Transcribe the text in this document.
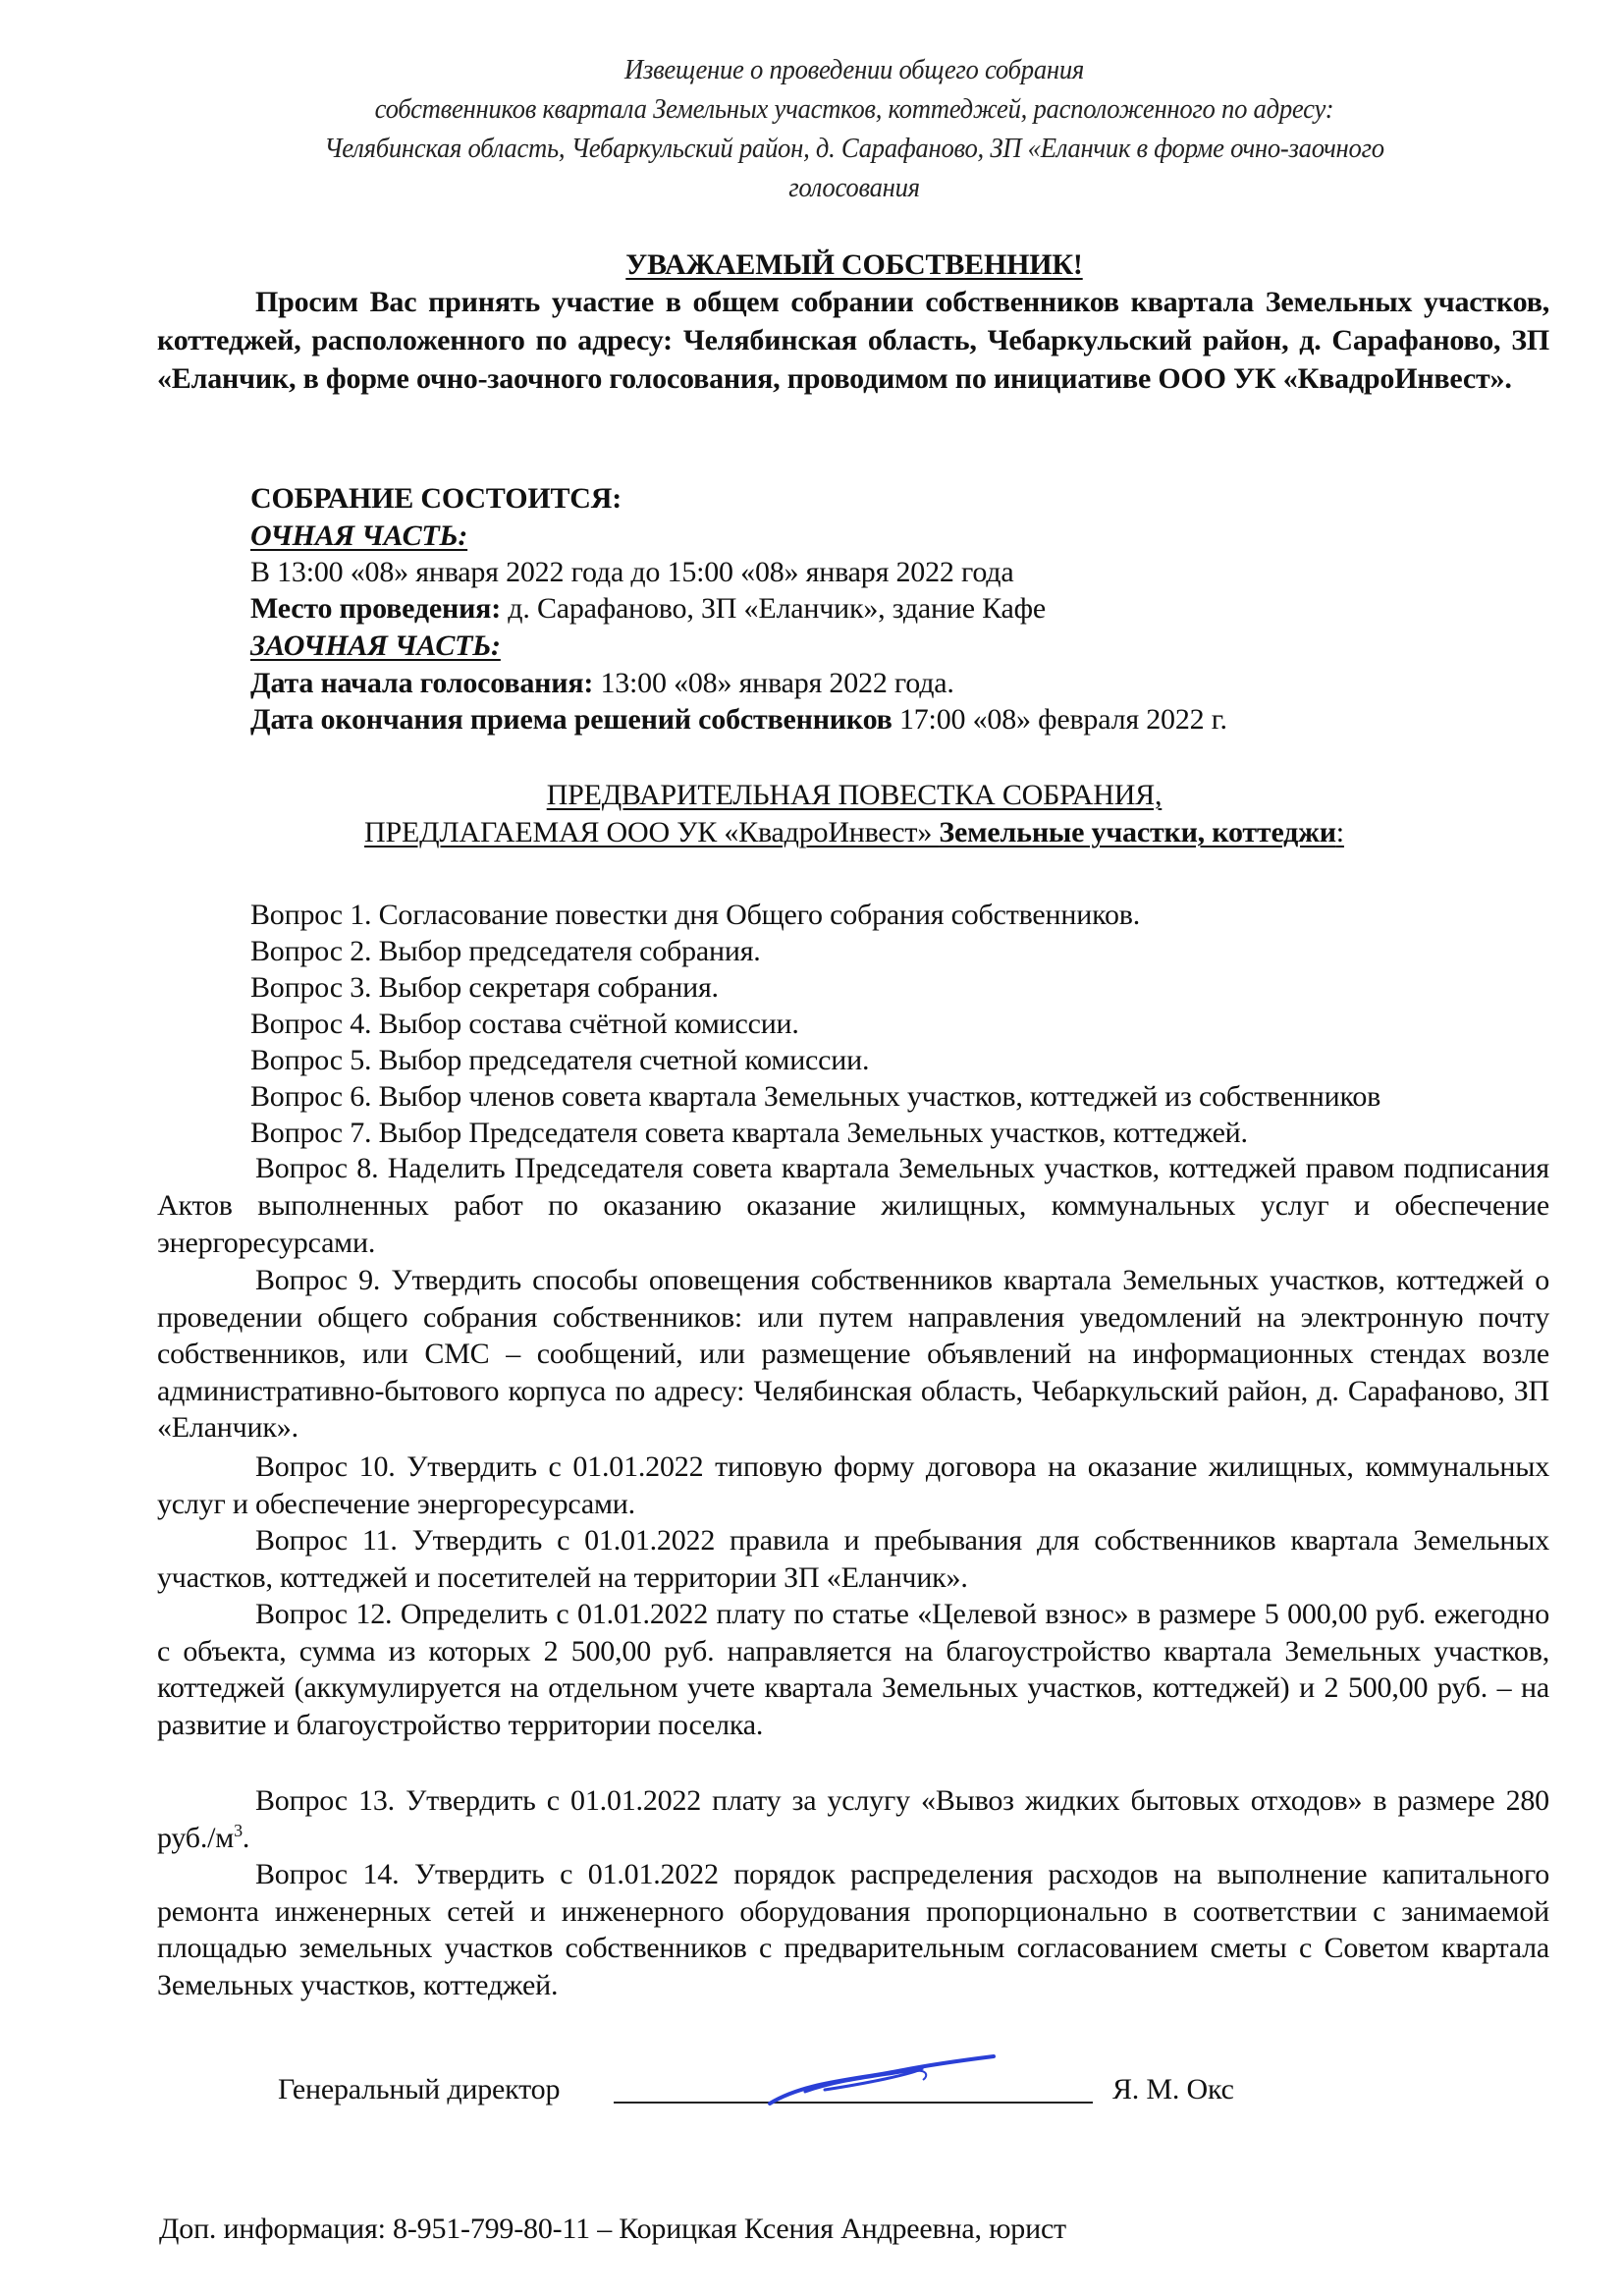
Извещение о проведении общего собрания
собственников квартала Земельных участков, коттеджей, расположенного по адресу:
Челябинская область, Чебаркульский район, д. Сарафаново, ЗП «Еланчик в форме очно-заочного
голосования
УВАЖАЕМЫЙ СОБСТВЕННИК!
Просим Вас принять участие в общем собрании собственников квартала Земельных участков, коттеджей, расположенного по адресу: Челябинская область, Чебаркульский район, д. Сарафаново, ЗП «Еланчик, в форме очно-заочного голосования, проводимом по инициативе ООО УК «КвадроИнвест».
СОБРАНИЕ СОСТОИТСЯ:
ОЧНАЯ ЧАСТЬ:
В 13:00 «08» января 2022 года до 15:00 «08» января 2022 года
Место проведения: д. Сарафаново, ЗП «Еланчик», здание Кафе
ЗАОЧНАЯ ЧАСТЬ:
Дата начала голосования: 13:00 «08» января 2022 года.
Дата окончания приема решений собственников 17:00 «08» февраля 2022 г.
ПРЕДВАРИТЕЛЬНАЯ ПОВЕСТКА СОБРАНИЯ,
ПРЕДЛАГАЕМАЯ ООО УК «КвадроИнвест» Земельные участки, коттеджи:
Вопрос 1. Согласование повестки дня Общего собрания собственников.
Вопрос 2. Выбор председателя собрания.
Вопрос 3. Выбор секретаря собрания.
Вопрос 4. Выбор состава счётной комиссии.
Вопрос 5. Выбор председателя счетной комиссии.
Вопрос 6. Выбор членов совета квартала Земельных участков, коттеджей из собственников
Вопрос 7. Выбор Председателя совета квартала Земельных участков, коттеджей.
Вопрос 8. Наделить Председателя совета квартала Земельных участков, коттеджей правом подписания Актов выполненных работ по оказанию оказание жилищных, коммунальных услуг и обеспечение энергоресурсами.
Вопрос 9. Утвердить способы оповещения собственников квартала Земельных участков, коттеджей о проведении общего собрания собственников: или путем направления уведомлений на электронную почту собственников, или СМС – сообщений, или размещение объявлений на информационных стендах возле административно-бытового корпуса по адресу: Челябинская область, Чебаркульский район, д. Сарафаново, ЗП «Еланчик».
Вопрос 10. Утвердить с 01.01.2022 типовую форму договора на оказание жилищных, коммунальных услуг и обеспечение энергоресурсами.
Вопрос 11. Утвердить с 01.01.2022 правила и пребывания для собственников квартала Земельных участков, коттеджей и посетителей на территории ЗП «Еланчик».
Вопрос 12. Определить с 01.01.2022 плату по статье «Целевой взнос» в размере 5 000,00 руб. ежегодно с объекта, сумма из которых 2 500,00 руб. направляется на благоустройство квартала Земельных участков, коттеджей (аккумулируется на отдельном учете квартала Земельных участков, коттеджей) и 2 500,00 руб. – на развитие и благоустройство территории поселка.
Вопрос 13. Утвердить с 01.01.2022 плату за услугу «Вывоз жидких бытовых отходов» в размере 280 $руб./м^3$.
Вопрос 14. Утвердить с 01.01.2022 порядок распределения расходов на выполнение капитального ремонта инженерных сетей и инженерного оборудования пропорционально в соответствии с занимаемой площадью земельных участков собственников с предварительным согласованием сметы с Советом квартала Земельных участков, коттеджей.
Генеральный директор	Я. М. Окс
Доп. информация: 8-951-799-80-11 – Корицкая Ксения Андреевна, юрист
